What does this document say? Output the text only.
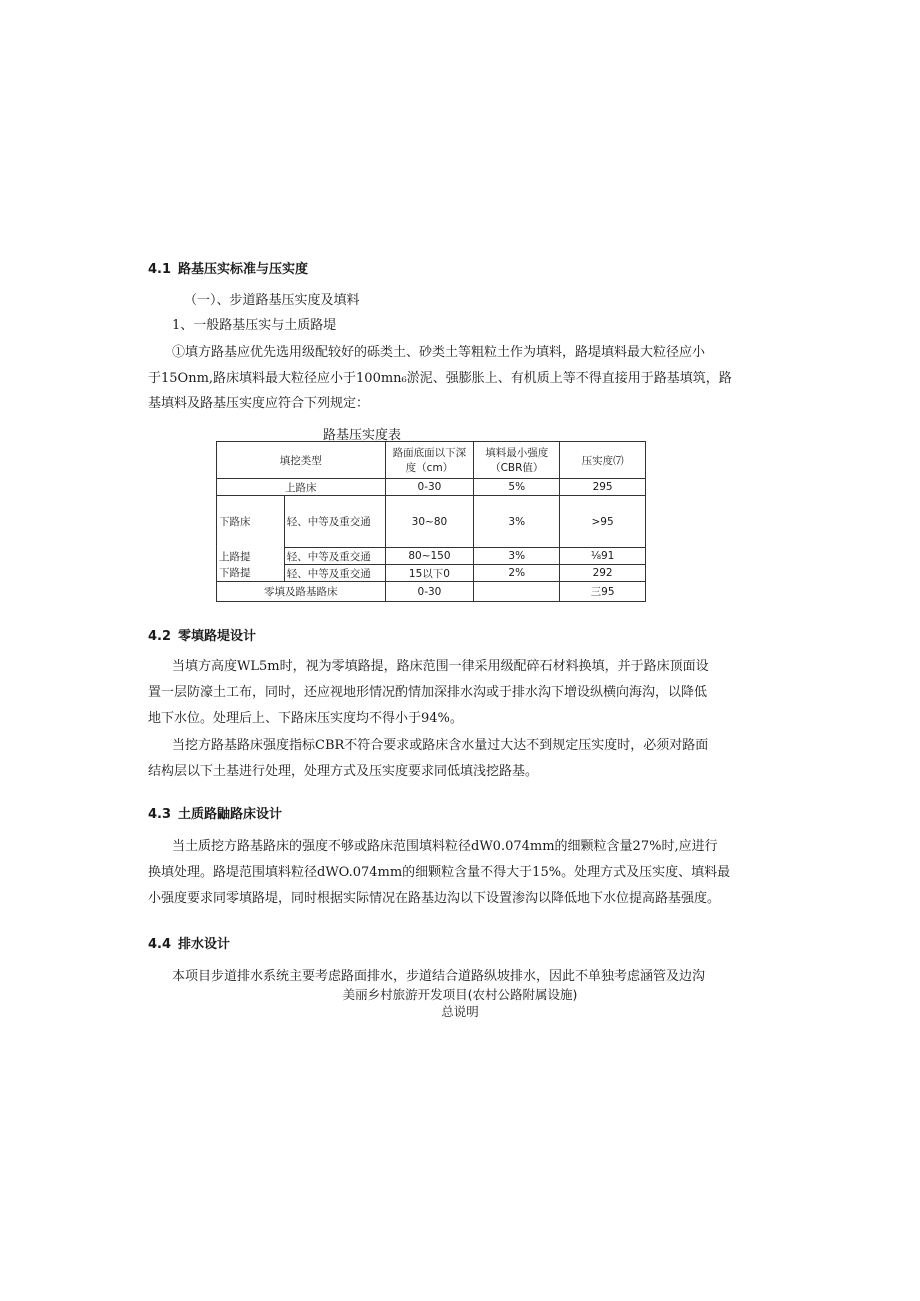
4.1 路基压实标准与压实度
（一）、步道路基压实度及填料
1、一般路基压实与土质路堤
①填方路基应优先选用级配较好的砾类土、砂类土等粗粒土作为填料，路堤填料最大粒径应小
于15Onm,路床填料最大粒径应小于100mn₆淤泥、强膨胀上、有机质上等不得直接用于路基填筑，路
基填料及路基压实度应符合下列规定：
路基压实度表
填挖类型		路面底面以下深度（cm）	填料最小强度（CBR值）	压实度⑺
上路床		0-30	5%	295
下路床	轻、中等及重交通	30~80	3%	>95
上路提	轻、中等及重交通	80~150	3%	⅛91
下路提	轻、中等及重交通	15以下0	2%	292
零填及路基路床		0-30		三95
4.2 零填路堤设计
当填方高度WL5m时，视为零填路提，路床范围一律采用级配碎石材料换填，并于路床顶面设
置一层防濠土工布，同时，还应视地形情况酌情加深排水沟或于排水沟下增设纵横向海沟，以降低
地下水位。处理后上、下路床压实度均不得小于94%。
当挖方路基路床强度指标CBR不符合要求或路床含水量过大达不到规定压实度时，必须对路面
结构层以下土基进行处理，处理方式及压实度要求同低填浅挖路基。
4.3 土质路鼬路床设计
当土质挖方路基路床的强度不够或路床范围填料粒径dW0.074mm的细颗粒含量27%时,应进行
换填处理。路堤范围填料粒径dWO.074mm的细颗粒含量不得大于15%。处理方式及压实度、填料最
小强度要求同零填路堤，同时根据实际情况在路基边沟以下设置渗沟以降低地下水位提高路基强度。
4.4 排水设计
本项目步道排水系统主要考虑路面排水，步道结合道路纵坡排水，因此不单独考虑涵管及边沟
美丽乡村旅游开发项目(农村公路附属设施)
总说明
